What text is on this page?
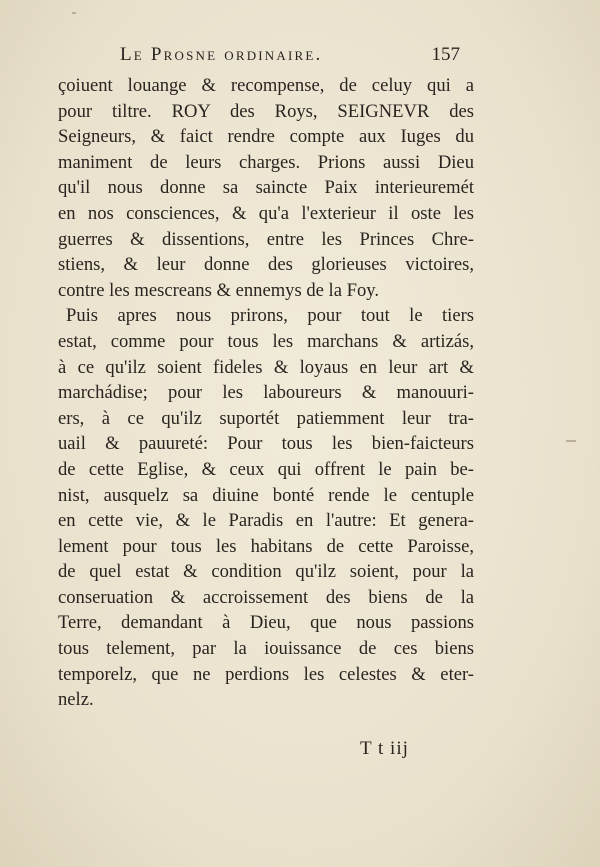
Le Prosne ordinaire.	157
çoiuent louange & recompense, de celuy qui a
pour tiltre. ROY des Roys, SEIGNEVR des
Seigneurs, & faict rendre compte aux Iuges du
maniment de leurs charges. Prions aussi Dieu
qu'il nous donne sa saincte Paix interieuremét
en nos consciences, & qu'a l'exterieur il oste les
guerres & dissentions, entre les Princes Chre-
stiens, & leur donne des glorieuses victoires,
contre les mescreans & ennemys de la Foy.
Puis apres nous prirons, pour tout le tiers
estat, comme pour tous les marchans & artizás,
à ce qu'ilz soient fideles & loyaus en leur art &
marchádise; pour les laboureurs & manouuri-
ers, à ce qu'ilz suportét patiemment leur tra-
uail & pauureté: Pour tous les bien-faicteurs
de cette Eglise, & ceux qui offrent le pain be-
nist, ausquelz sa diuine bonté rende le centuple
en cette vie, & le Paradis en l'autre: Et genera-
lement pour tous les habitans de cette Paroisse,
de quel estat & condition qu'ilz soient, pour la
conseruation & accroissement des biens de la
Terre, demandant à Dieu, que nous passions
tous telement, par la iouissance de ces biens
temporelz, que ne perdions les celestes & eter-
nelz.
T t iij
